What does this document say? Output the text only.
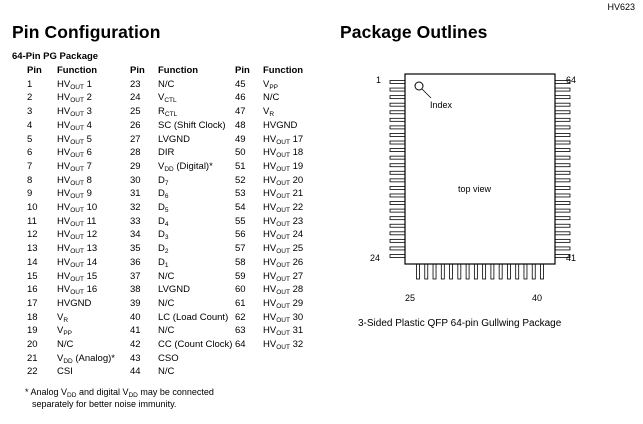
HV623
Pin Configuration	Package Outlines
64-Pin PG Package
Pin	Function
1	$HV_{OUT}$ 1
2	$HV_{OUT}$ 2
3	$HV_{OUT}$ 3
4	$HV_{OUT}$ 4
5	$HV_{OUT}$ 5
6	$HV_{OUT}$ 6
7	$HV_{OUT}$ 7
8	$HV_{OUT}$ 8
9	$HV_{OUT}$ 9
10	$HV_{OUT}$ 10
11	$HV_{OUT}$ 11
12	$HV_{OUT}$ 12
13	$HV_{OUT}$ 13
14	$HV_{OUT}$ 14
15	$HV_{OUT}$ 15
16	$HV_{OUT}$ 16
17	HVGND
18	$V_R$
19	$V_{PP}$
20	N/C
21	$V_{DD}$ (Analog)*
22	CSI
Pin	Function
23	N/C
24	$V_{CTL}$
25	$R_{CTL}$
26	SC (Shift Clock)
27	LVGND
28	DIR
29	$V_{DD}$ (Digital)*
30	$D_7$
31	$D_6$
32	$D_5$
33	$D_4$
34	$D_3$
35	$D_2$
36	$D_1$
37	N/C
38	LVGND
39	N/C
40	LC (Load Count)
41	N/C
42	CC (Count Clock)
43	CSO
44	N/C
Pin	Function
45	$V_{PP}$
46	N/C
47	$V_R$
48	HVGND
49	$HV_{OUT}$ 17
50	$HV_{OUT}$ 18
51	$HV_{OUT}$ 19
52	$HV_{OUT}$ 20
53	$HV_{OUT}$ 21
54	$HV_{OUT}$ 22
55	$HV_{OUT}$ 23
56	$HV_{OUT}$ 24
57	$HV_{OUT}$ 25
58	$HV_{OUT}$ 26
59	$HV_{OUT}$ 27
60	$HV_{OUT}$ 28
61	$HV_{OUT}$ 29
62	$HV_{OUT}$ 30
63	$HV_{OUT}$ 31
64	$HV_{OUT}$ 32
* Analog $V_{DD}$ and digital $V_{DD}$ may be connected
separately for better noise immunity.
Index
top view
1	64
24	41
25	40
3-Sided Plastic QFP 64-pin Gullwing Package
